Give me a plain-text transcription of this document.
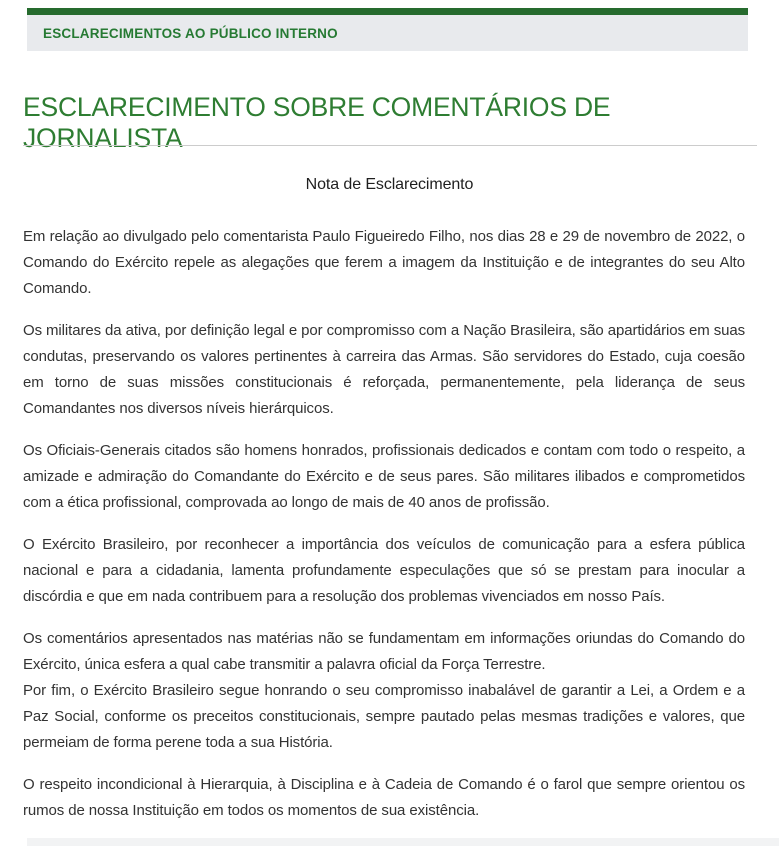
ESCLARECIMENTOS AO PÚBLICO INTERNO
ESCLARECIMENTO SOBRE COMENTÁRIOS DE JORNALISTA
Nota de Esclarecimento

Em relação ao divulgado pelo comentarista Paulo Figueiredo Filho, nos dias 28 e 29 de novembro de 2022, o Comando do Exército repele as alegações que ferem a imagem da Instituição e de integrantes do seu Alto Comando.

Os militares da ativa, por definição legal e por compromisso com a Nação Brasileira, são apartidários em suas condutas, preservando os valores pertinentes à carreira das Armas. São servidores do Estado, cuja coesão em torno de suas missões constitucionais é reforçada, permanentemente, pela liderança de seus Comandantes nos diversos níveis hierárquicos.

Os Oficiais-Generais citados são homens honrados, profissionais dedicados e contam com todo o respeito, a amizade e admiração do Comandante do Exército e de seus pares. São militares ilibados e comprometidos com a ética profissional, comprovada ao longo de mais de 40 anos de profissão.

O Exército Brasileiro, por reconhecer a importância dos veículos de comunicação para a esfera pública nacional e para a cidadania, lamenta profundamente especulações que só se prestam para inocular a discórdia e que em nada contribuem para a resolução dos problemas vivenciados em nosso País.

Os comentários apresentados nas matérias não se fundamentam em informações oriundas do Comando do Exército, única esfera a qual cabe transmitir a palavra oficial da Força Terrestre.

Por fim, o Exército Brasileiro segue honrando o seu compromisso inabalável de garantir a Lei, a Ordem e a Paz Social, conforme os preceitos constitucionais, sempre pautado pelas mesmas tradições e valores, que permeiam de forma perene toda a sua História.

O respeito incondicional à Hierarquia, à Disciplina e à Cadeia de Comando é o farol que sempre orientou os rumos de nossa Instituição em todos os momentos de sua existência.
